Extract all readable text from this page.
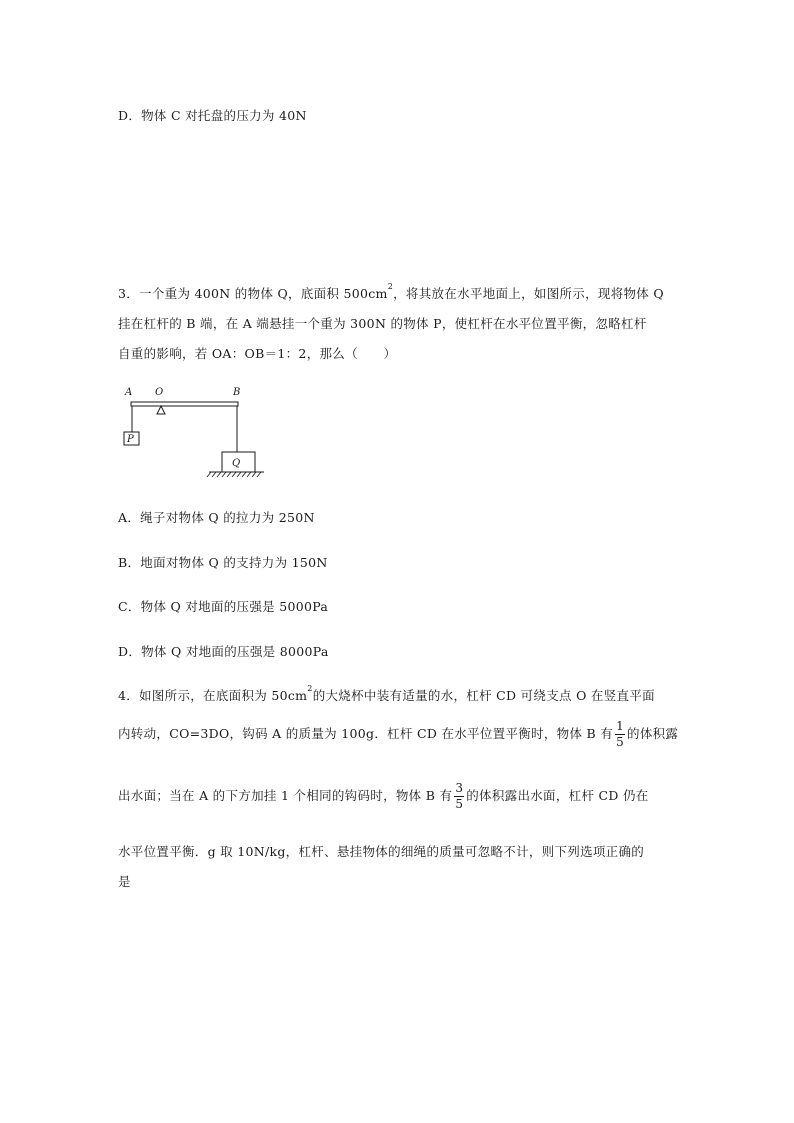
D．物体 C 对托盘的压力为 40N
3．一个重为 400N 的物体 Q，底面积 $500cm^2$，将其放在水平地面上，如图所示，现将物体 Q
挂在杠杆的 B 端，在 A 端悬挂一个重为 300N 的物体 P，使杠杆在水平位置平衡，忽略杠杆
自重的影响，若 OA：OB＝1：2，那么（　　）
A O	B
P
Q
A．绳子对物体 Q 的拉力为 250N
B．地面对物体 Q 的支持力为 150N
C．物体 Q 对地面的压强是 5000Pa
D．物体 Q 对地面的压强是 8000Pa
4．如图所示，在底面积为 $50cm^2$的大烧杯中装有适量的水，杠杆 CD 可绕支点 O 在竖直平面
内转动，CO=3DO，钩码 A 的质量为 100g．杠杆 CD 在水平位置平衡时，物体 B 有 $\frac{1}{5}$ 的体积露
出水面；当在 A 的下方加挂 1 个相同的钩码时，物体 B 有 $\frac{3}{5}$ 的体积露出水面，杠杆 CD 仍在
水平位置平衡．g 取 10N/kg，杠杆、悬挂物体的细绳的质量可忽略不计，则下列选项正确的
是
